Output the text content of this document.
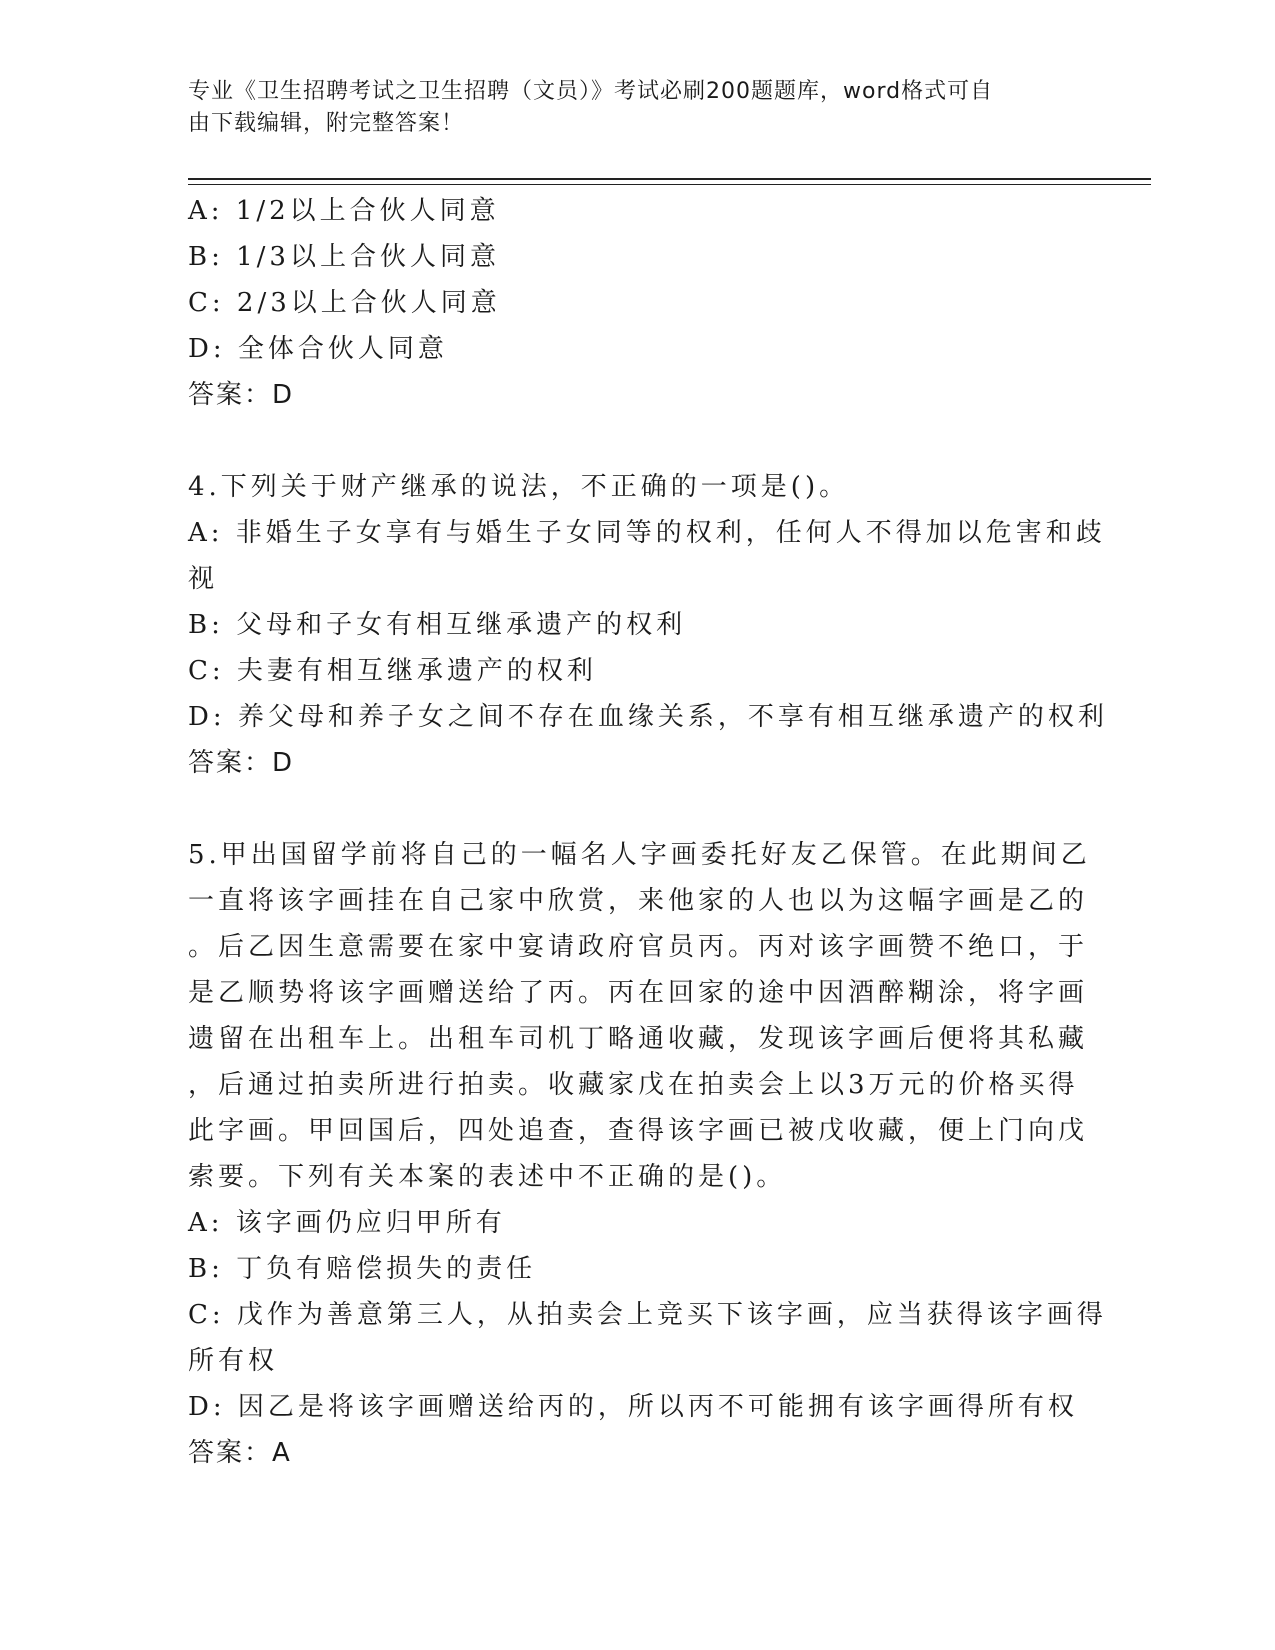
专业《卫生招聘考试之卫生招聘（文员）》考试必刷200题题库，word格式可自
由下载编辑，附完整答案！
A: 1/2以上合伙人同意
B: 1/3以上合伙人同意
C: 2/3以上合伙人同意
D: 全体合伙人同意
答案：D
4.下列关于财产继承的说法，不正确的一项是()。
A: 非婚生子女享有与婚生子女同等的权利，任何人不得加以危害和歧
视
B: 父母和子女有相互继承遗产的权利
C: 夫妻有相互继承遗产的权利
D: 养父母和养子女之间不存在血缘关系，不享有相互继承遗产的权利
答案：D
5.甲出国留学前将自己的一幅名人字画委托好友乙保管。在此期间乙
一直将该字画挂在自己家中欣赏，来他家的人也以为这幅字画是乙的
。后乙因生意需要在家中宴请政府官员丙。丙对该字画赞不绝口，于
是乙顺势将该字画赠送给了丙。丙在回家的途中因酒醉糊涂，将字画
遗留在出租车上。出租车司机丁略通收藏，发现该字画后便将其私藏
，后通过拍卖所进行拍卖。收藏家戊在拍卖会上以3万元的价格买得
此字画。甲回国后，四处追查，查得该字画已被戊收藏，便上门向戊
索要。下列有关本案的表述中不正确的是()。
A: 该字画仍应归甲所有
B: 丁负有赔偿损失的责任
C: 戊作为善意第三人，从拍卖会上竞买下该字画，应当获得该字画得
所有权
D: 因乙是将该字画赠送给丙的，所以丙不可能拥有该字画得所有权
答案：A
